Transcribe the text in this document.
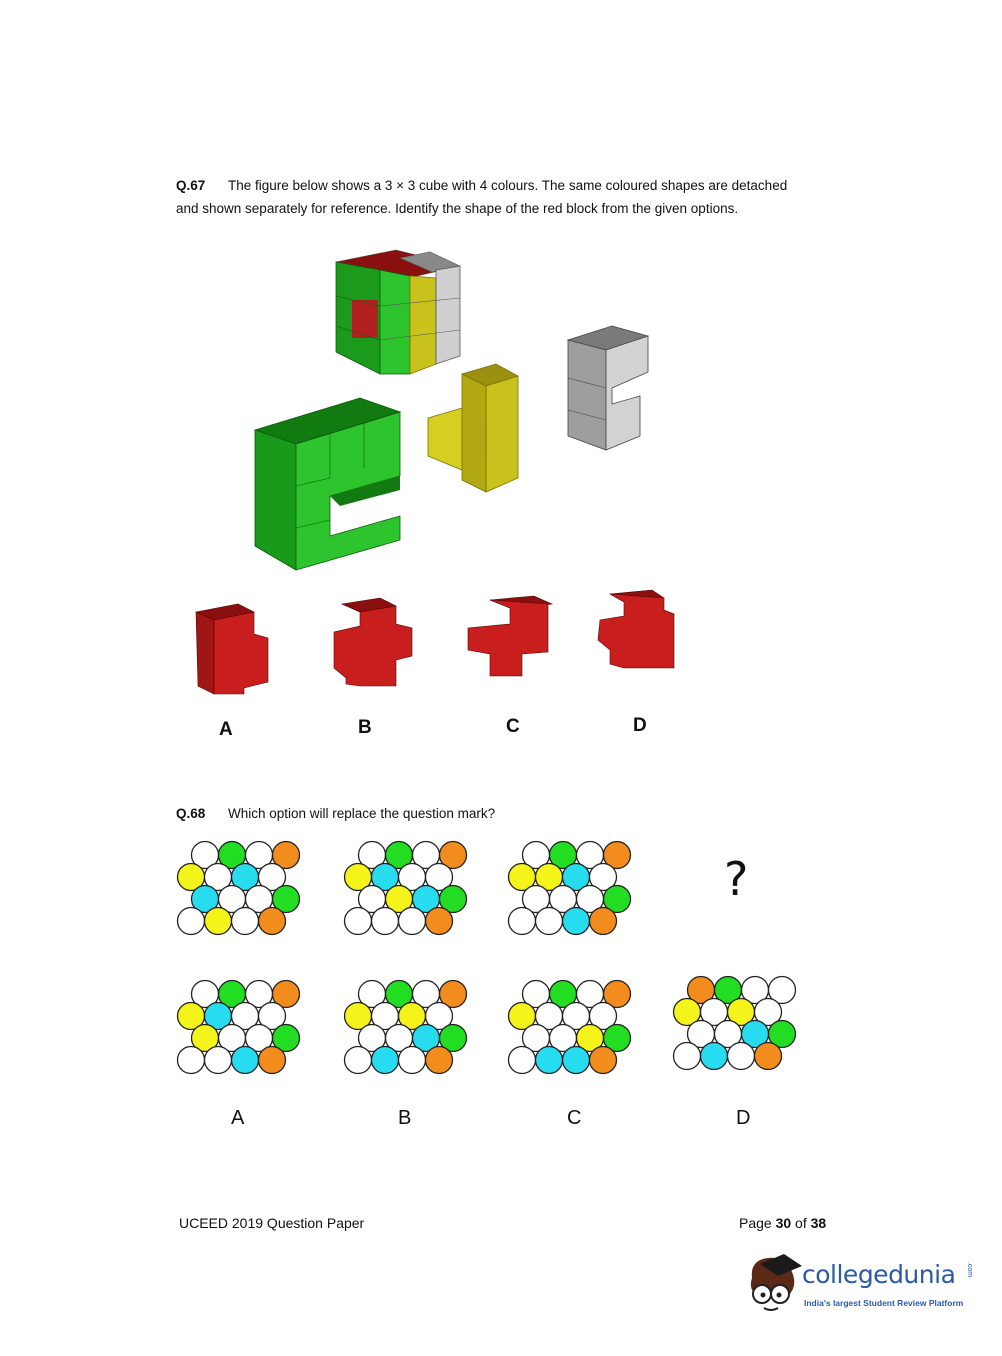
Q.67 The figure below shows a 3 × 3 cube with 4 colours. The same coloured shapes are detached
and shown separately for reference. Identify the shape of the red block from the given options.
A	B	C	D
Q.68 Which option will replace the question mark?
?
A	B	C	D
UCEED 2019 Question Paper	Page 30 of 38
collegedunia .com
India's largest Student Review Platform
